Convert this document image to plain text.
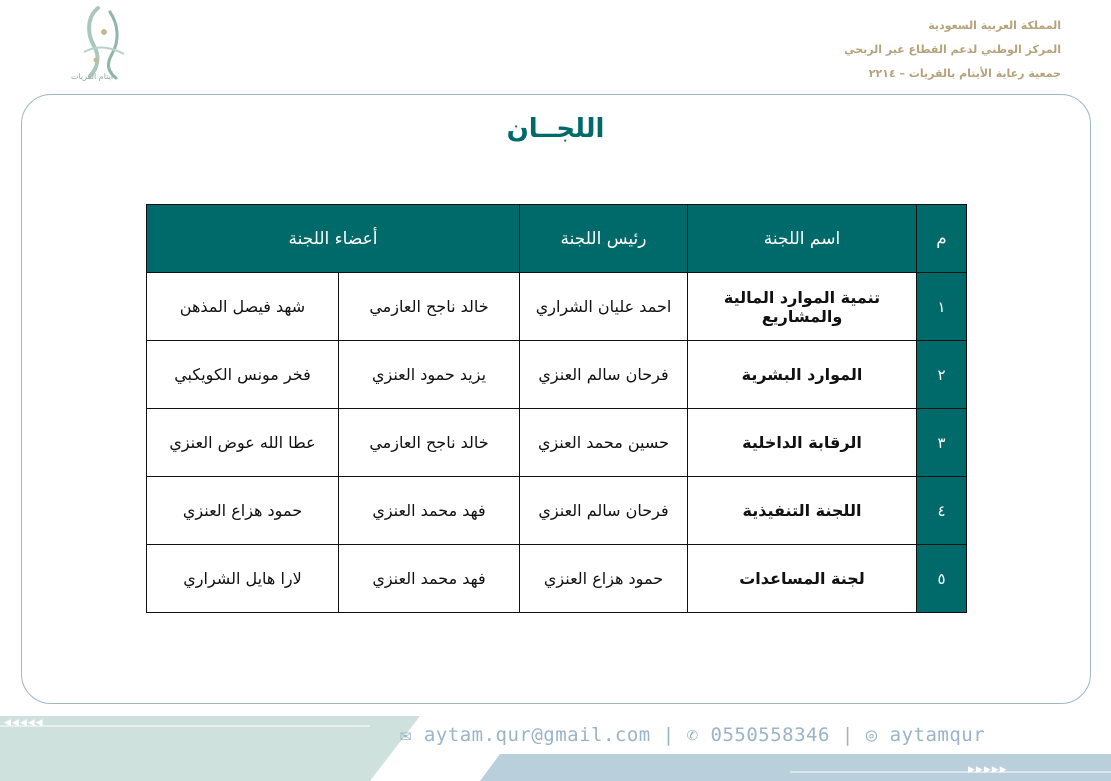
المملكة العربية السعودية
المركز الوطني لدعم القطاع غير الربحي
جمعية رعاية الأيتام بالقريات – ٢٢١٤
أيتام القريات
اللجــان
م	اسم اللجنة	رئيس اللجنة	أعضاء اللجنة	
١	تنمية الموارد المالية والمشاريع	احمد عليان الشراري	خالد ناجح العازمي	شهد فيصل المذهن
٢	الموارد البشرية	فرحان سالم العنزي	يزيد حمود العنزي	فخر مونس الكويكبي
٣	الرقابة الداخلية	حسين محمد العنزي	خالد ناجح العازمي	عطا الله عوض العنزي
٤	اللجنة التنفيذية	فرحان سالم العنزي	فهد محمد العنزي	حمود هزاع العنزي
٥	لجنة المساعدات	حمود هزاع العنزي	فهد محمد العنزي	لارا هايل الشراري
◀◀◀◀◀
▶▶▶▶▶
✉ aytam.qur@gmail.com | ✆ 0550558346 | ◎ aytamqur
